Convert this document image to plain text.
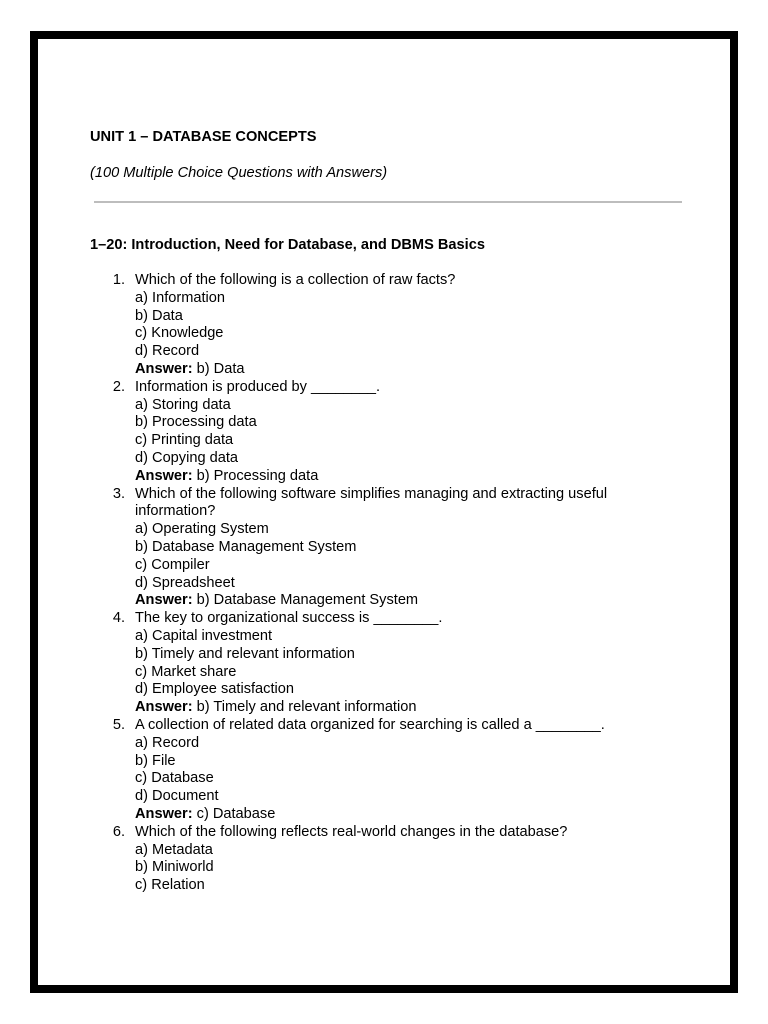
UNIT 1 – DATABASE CONCEPTS
(100 Multiple Choice Questions with Answers)
1–20: Introduction, Need for Database, and DBMS Basics
1. Which of the following is a collection of raw facts?
a) Information
b) Data
c) Knowledge
d) Record
Answer: b) Data
2. Information is produced by ________.
a) Storing data
b) Processing data
c) Printing data
d) Copying data
Answer: b) Processing data
3. Which of the following software simplifies managing and extracting useful information?
a) Operating System
b) Database Management System
c) Compiler
d) Spreadsheet
Answer: b) Database Management System
4. The key to organizational success is ________.
a) Capital investment
b) Timely and relevant information
c) Market share
d) Employee satisfaction
Answer: b) Timely and relevant information
5. A collection of related data organized for searching is called a ________.
a) Record
b) File
c) Database
d) Document
Answer: c) Database
6. Which of the following reflects real-world changes in the database?
a) Metadata
b) Miniworld
c) Relation
